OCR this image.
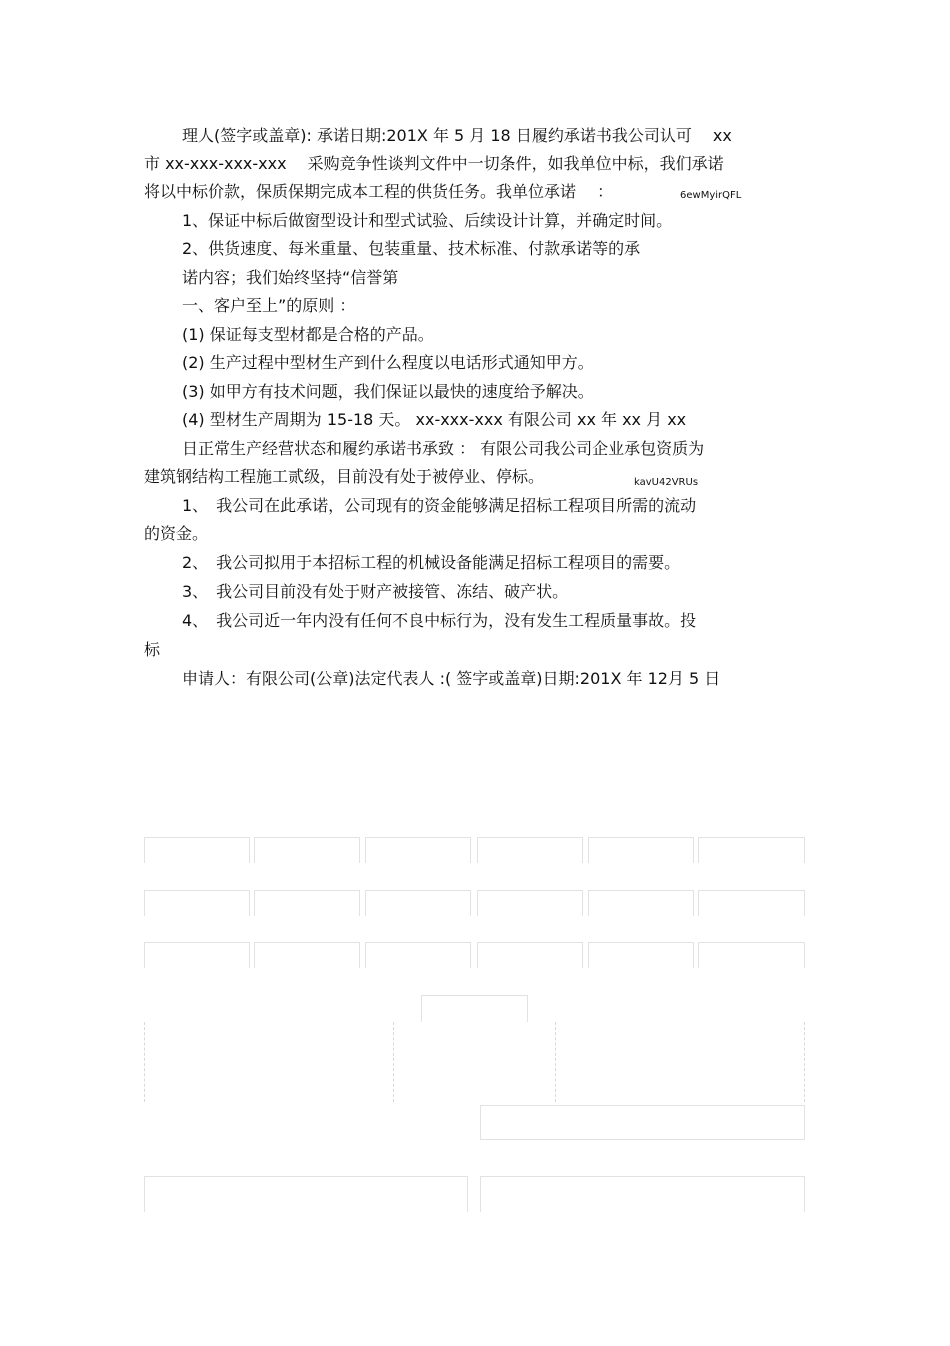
理人(签字或盖章): 承诺日期:201X 年 5 月 18 日履约承诺书我公司认可　 xx
市 xx-xxx-xxx-xxx　 采购竞争性谈判文件中一切条件，如我单位中标，我们承诺
将以中标价款，保质保期完成本工程的供货任务。我单位承诺　 ：	6ewMyirQFL
1、保证中标后做窗型设计和型式试验、后续设计计算，并确定时间。
2、供货速度、每米重量、包装重量、技术标准、付款承诺等的承
诺内容；我们始终坚持“信誉第
一、客户至上”的原则 ：
(1) 保证每支型材都是合格的产品。
(2) 生产过程中型材生产到什么程度以电话形式通知甲方。
(3) 如甲方有技术问题，我们保证以最快的速度给予解决。
(4) 型材生产周期为 15-18 天。 xx-xxx-xxx 有限公司 xx 年 xx 月 xx
日正常生产经营状态和履约承诺书承致 ： 有限公司我公司企业承包资质为
建筑钢结构工程施工贰级，目前没有处于被停业、停标。	kavU42VRUs
1、　我公司在此承诺，公司现有的资金能够满足招标工程项目所需的流动
的资金。
2、　我公司拟用于本招标工程的机械设备能满足招标工程项目的需要。
3、　我公司目前没有处于财产被接管、冻结、破产状。
4、　我公司近一年内没有任何不良中标行为，没有发生工程质量事故。投
标
申请人：有限公司(公章)法定代表人 :( 签字或盖章)日期:201X 年 12月 5 日
